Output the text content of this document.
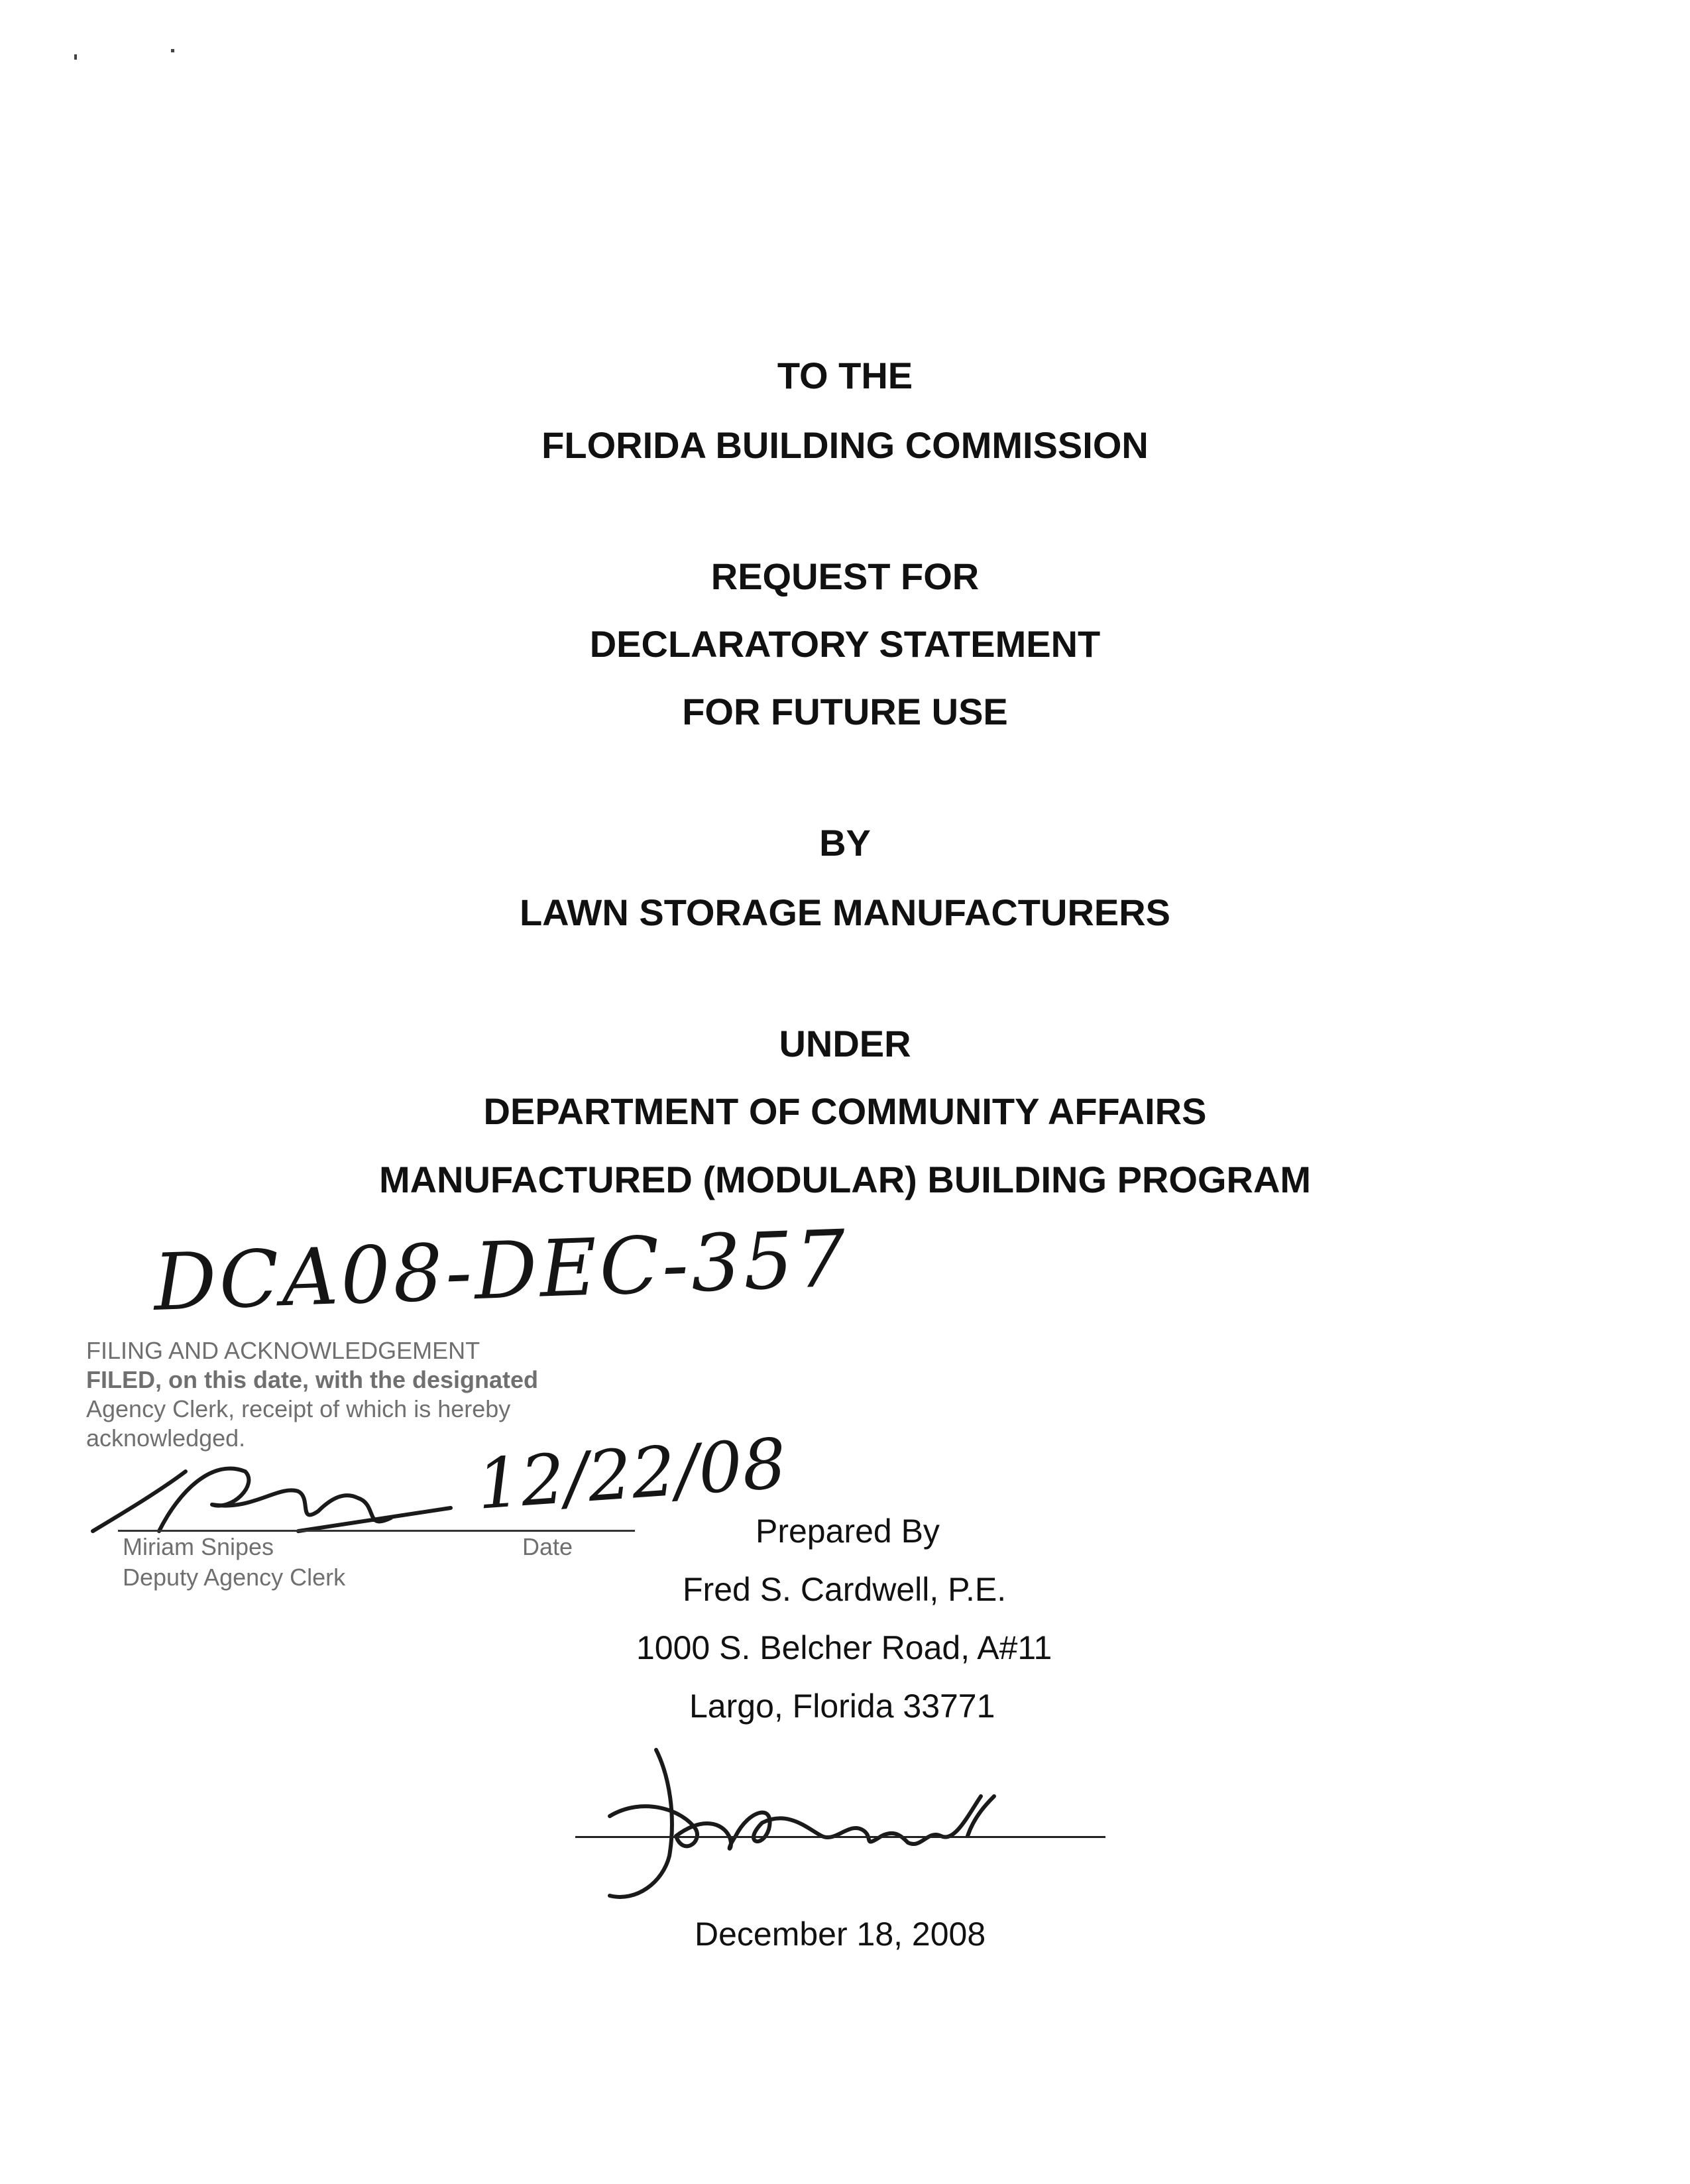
TO THE
FLORIDA BUILDING COMMISSION
REQUEST FOR
DECLARATORY STATEMENT
FOR FUTURE USE
BY
LAWN STORAGE MANUFACTURERS
UNDER
DEPARTMENT OF COMMUNITY AFFAIRS
MANUFACTURED (MODULAR) BUILDING PROGRAM
DCA08-DEC-357
FILING AND ACKNOWLEDGEMENT
FILED, on this date, with the designated
Agency Clerk, receipt of which is hereby
acknowledged.	12/22/08
Miriam Snipes	Date
Deputy Agency Clerk
Prepared By
Fred S. Cardwell, P.E.
1000 S. Belcher Road, A#11
Largo, Florida 33771
December 18, 2008
